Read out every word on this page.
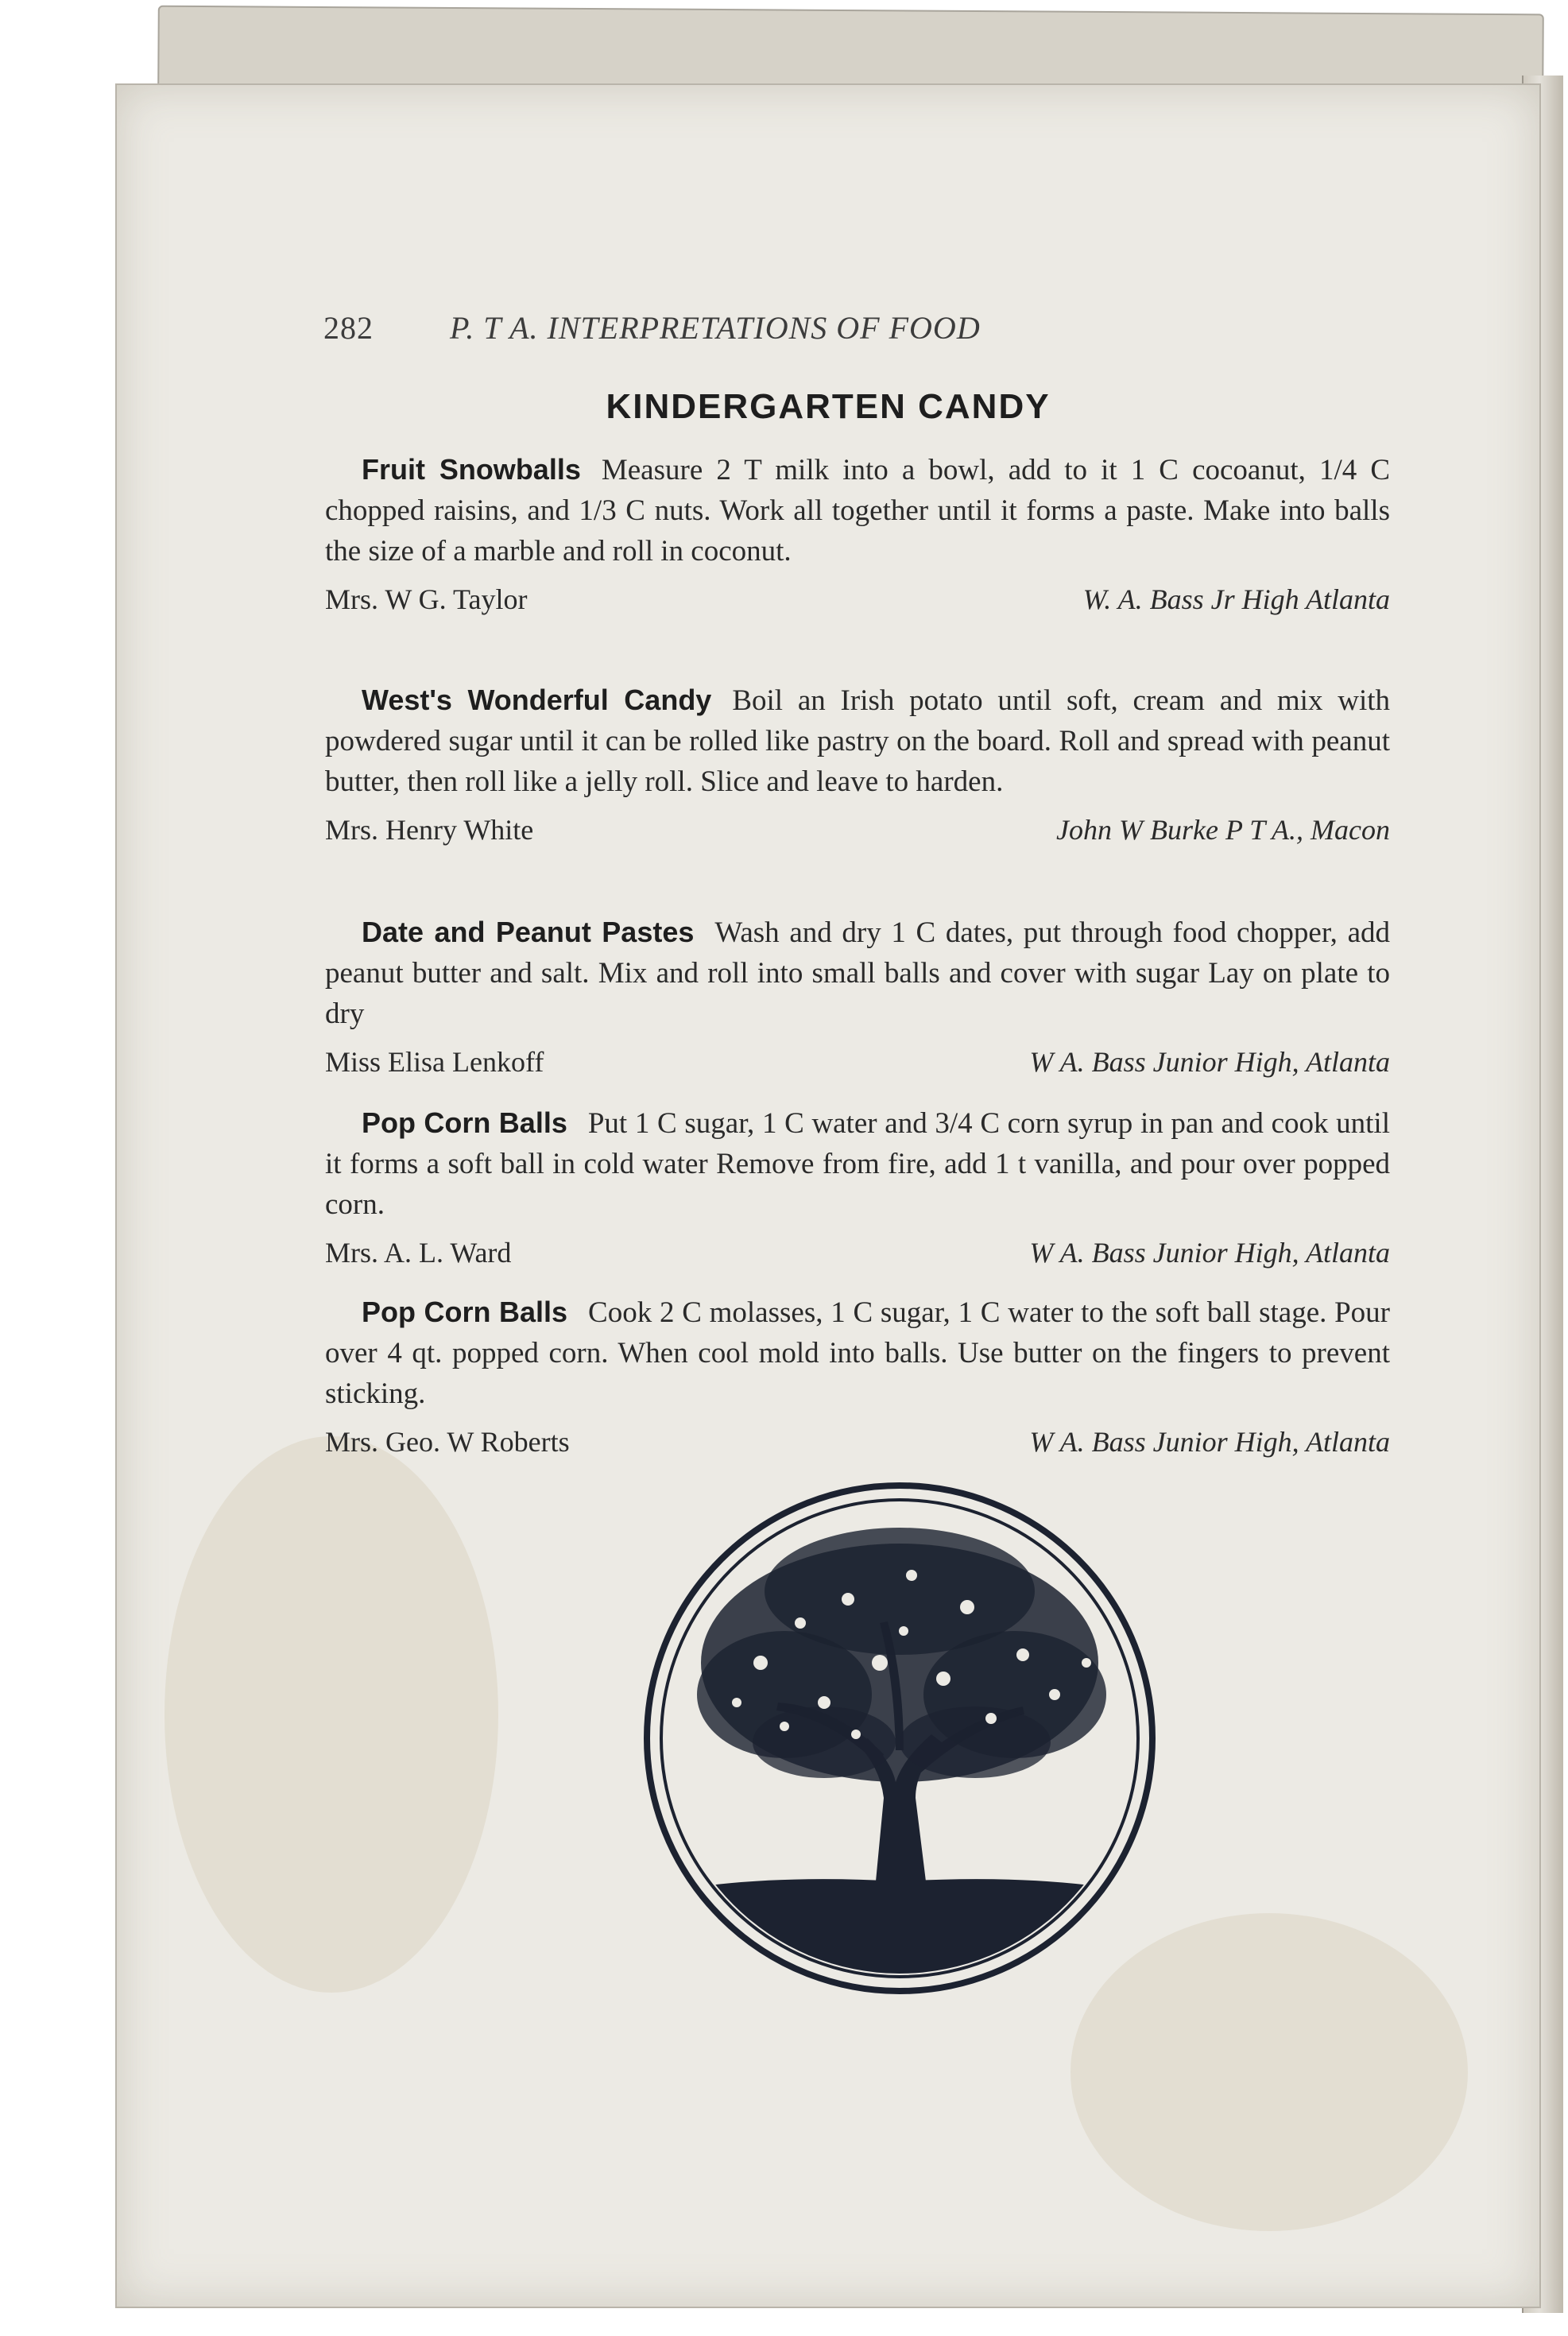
282 P. T A. INTERPRETATIONS OF FOOD
KINDERGARTEN CANDY

Fruit Snowballs Measure 2 T milk into a bowl, add to it 1 C cocoanut, 1/4 C chopped raisins, and 1/3 C nuts. Work all together until it forms a paste. Make into balls the size of a marble and roll in coconut.

Mrs. W G. Taylor	W. A. Bass Jr High Atlanta

West's Wonderful Candy Boil an Irish potato until soft, cream and mix with powdered sugar until it can be rolled like pastry on the board. Roll and spread with peanut butter, then roll like a jelly roll. Slice and leave to harden.

Mrs. Henry White	John W Burke P T A., Macon

Date and Peanut Pastes Wash and dry 1 C dates, put through food chopper, add peanut butter and salt. Mix and roll into small balls and cover with sugar Lay on plate to dry

Miss Elisa Lenkoff	W A. Bass Junior High, Atlanta

Pop Corn Balls Put 1 C sugar, 1 C water and 3/4 C corn syrup in pan and cook until it forms a soft ball in cold water Remove from fire, add 1 t vanilla, and pour over popped corn.

Mrs. A. L. Ward	W A. Bass Junior High, Atlanta

Pop Corn Balls Cook 2 C molasses, 1 C sugar, 1 C water to the soft ball stage. Pour over 4 qt. popped corn. When cool mold into balls. Use butter on the fingers to prevent sticking.

Mrs. Geo. W Roberts	W A. Bass Junior High, Atlanta
